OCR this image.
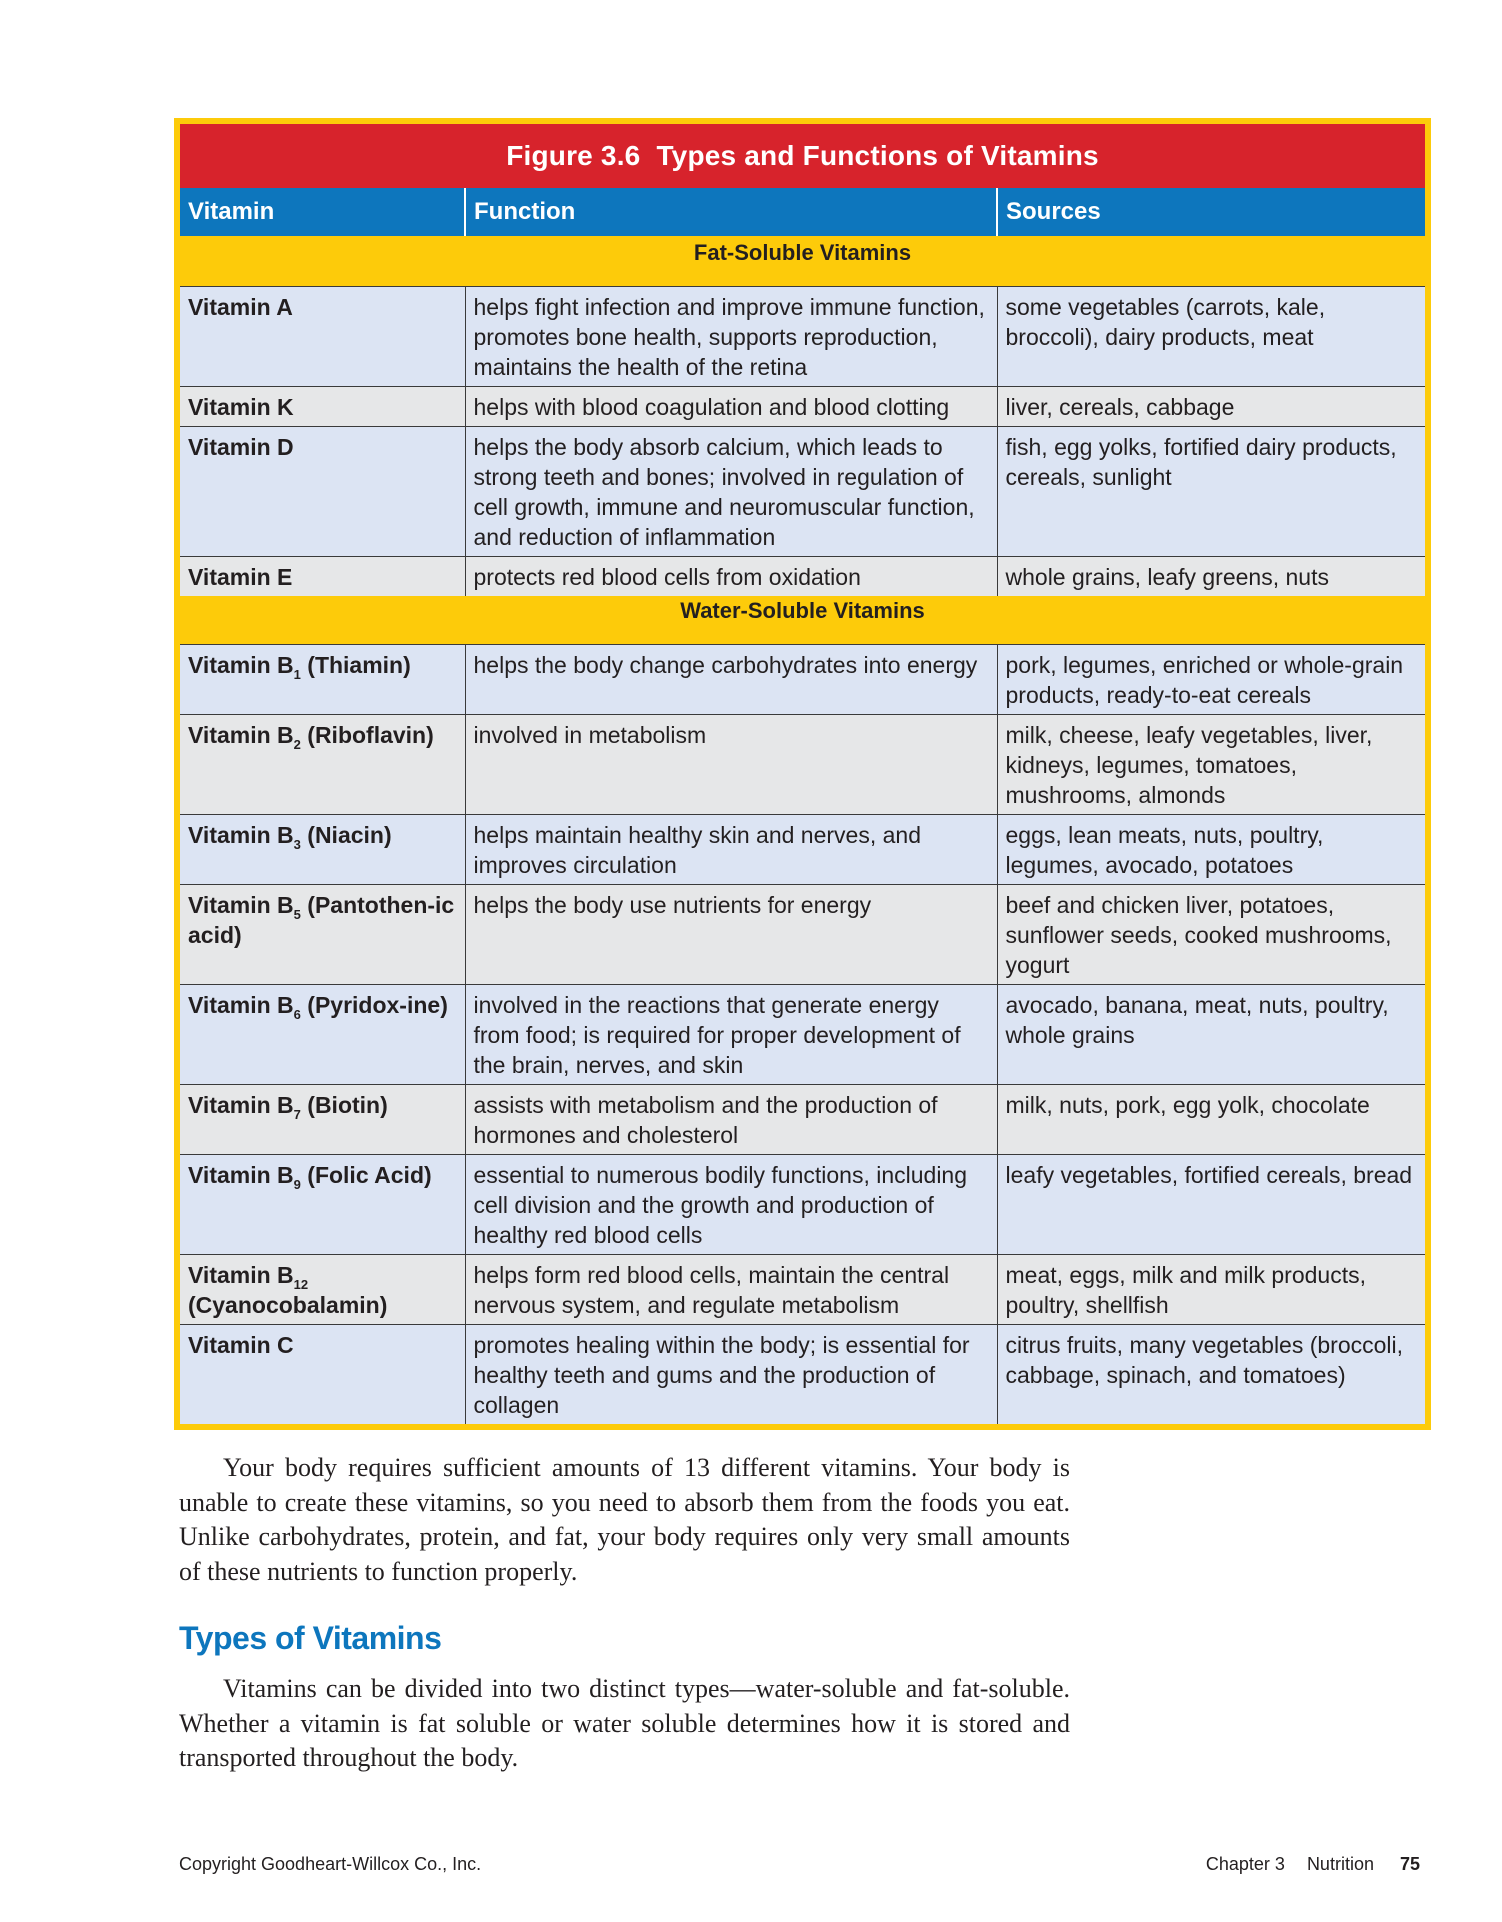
Figure 3.6 Types and Functions of Vitamins
Vitamin	Function	Sources
Fat-Soluble Vitamins		
Vitamin A	helps fight infection and improve immune function, promotes bone health, supports reproduction, maintains the health of the retina	some vegetables (carrots, kale, broccoli), dairy products, meat
Vitamin K	helps with blood coagulation and blood clotting	liver, cereals, cabbage
Vitamin D	helps the body absorb calcium, which leads to strong teeth and bones; involved in regulation of cell growth, immune and neuromuscular function, and reduction of inflammation	fish, egg yolks, fortified dairy products, cereals, sunlight
Vitamin E	protects red blood cells from oxidation	whole grains, leafy greens, nuts
Water-Soluble Vitamins		
Vitamin $B_1$ (Thiamin)	helps the body change carbohydrates into energy	pork, legumes, enriched or whole-grain products, ready-to-eat cereals
Vitamin $B_2$ (Riboflavin)	involved in metabolism	milk, cheese, leafy vegetables, liver, kidneys, legumes, tomatoes, mushrooms, almonds
Vitamin $B_3$ (Niacin)	helps maintain healthy skin and nerves, and improves circulation	eggs, lean meats, nuts, poultry, legumes, avocado, potatoes
Vitamin $B_5$ (Pantothen-ic acid)	helps the body use nutrients for energy	beef and chicken liver, potatoes, sunflower seeds, cooked mushrooms, yogurt
Vitamin $B_6$ (Pyridox-ine)	involved in the reactions that generate energy from food; is required for proper development of the brain, nerves, and skin	avocado, banana, meat, nuts, poultry, whole grains
Vitamin $B_7$ (Biotin)	assists with metabolism and the production of hormones and cholesterol	milk, nuts, pork, egg yolk, chocolate
Vitamin $B_9$ (Folic Acid)	essential to numerous bodily functions, including cell division and the growth and production of healthy red blood cells	leafy vegetables, fortified cereals, bread
Vitamin $B_{12}$ (Cyanocobalamin)	helps form red blood cells, maintain the central nervous system, and regulate metabolism	meat, eggs, milk and milk products, poultry, shellfish
Vitamin C	promotes healing within the body; is essential for healthy teeth and gums and the production of collagen	citrus fruits, many vegetables (broccoli, cabbage, spinach, and tomatoes)

Your body requires sufficient amounts of 13 different vitamins. Your body is unable to create these vitamins, so you need to absorb them from the foods you eat. Unlike carbohydrates, protein, and fat, your body requires only very small amounts of these nutrients to function properly.

Types of Vitamins

Vitamins can be divided into two distinct types—water-soluble and fat-soluble. Whether a vitamin is fat soluble or water soluble determines how it is stored and transported throughout the body.

Copyright Goodheart-Willcox Co., Inc.	Chapter 3 Nutrition 75
